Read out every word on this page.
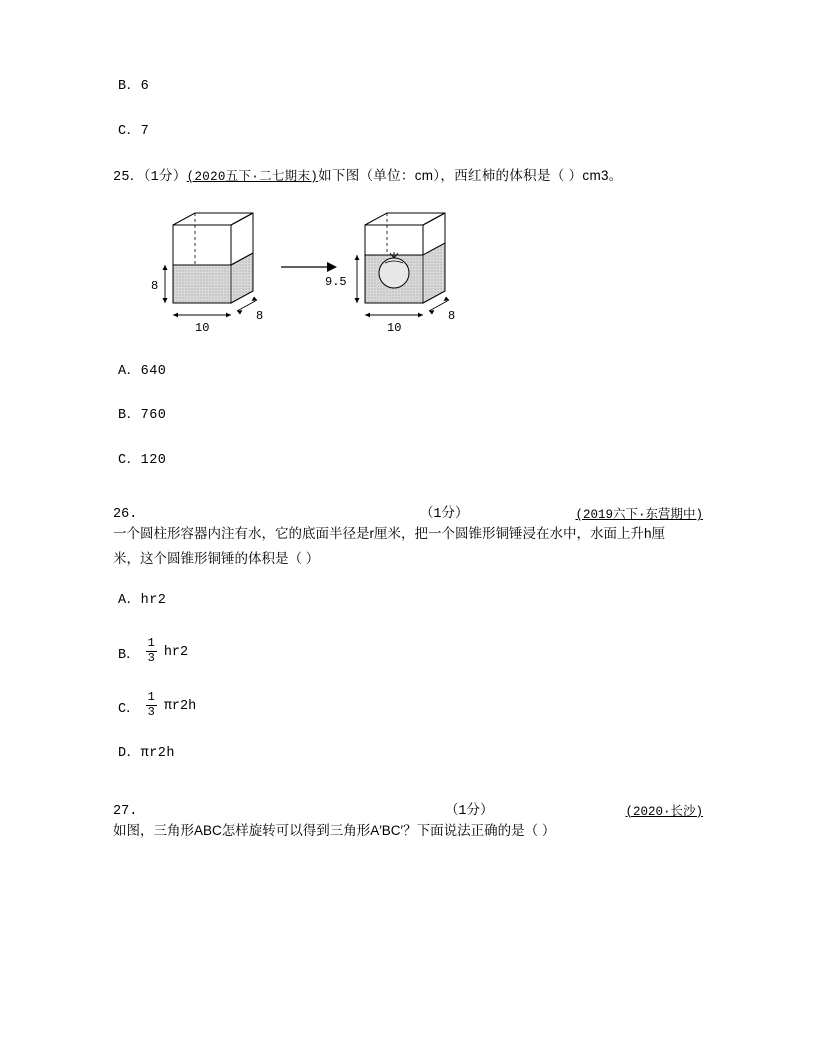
B．6
C．7
25．（1分）(2020五下·二七期末)如下图（单位：cm），西红柿的体积是（ ）cm3。
8
10
8
9.5
10
8
A．640
B．760
C．120
26.	（1分）	(2019六下·东营期中)
一个圆柱形容器内注有水，它的底面半径是r厘米，把一个圆锥形铜锤浸在水中，水面上升h厘
米，这个圆锥形铜锤的体积是（ ）
A．hr2
B． $\frac{1}{3} hr2$
C． $\frac{1}{3} \pi r2h$
D．πr2h
27.	（1分）	(2020·长沙)
如图，三角形ABC怎样旋转可以得到三角形A′BC′？下面说法正确的是（ ）
